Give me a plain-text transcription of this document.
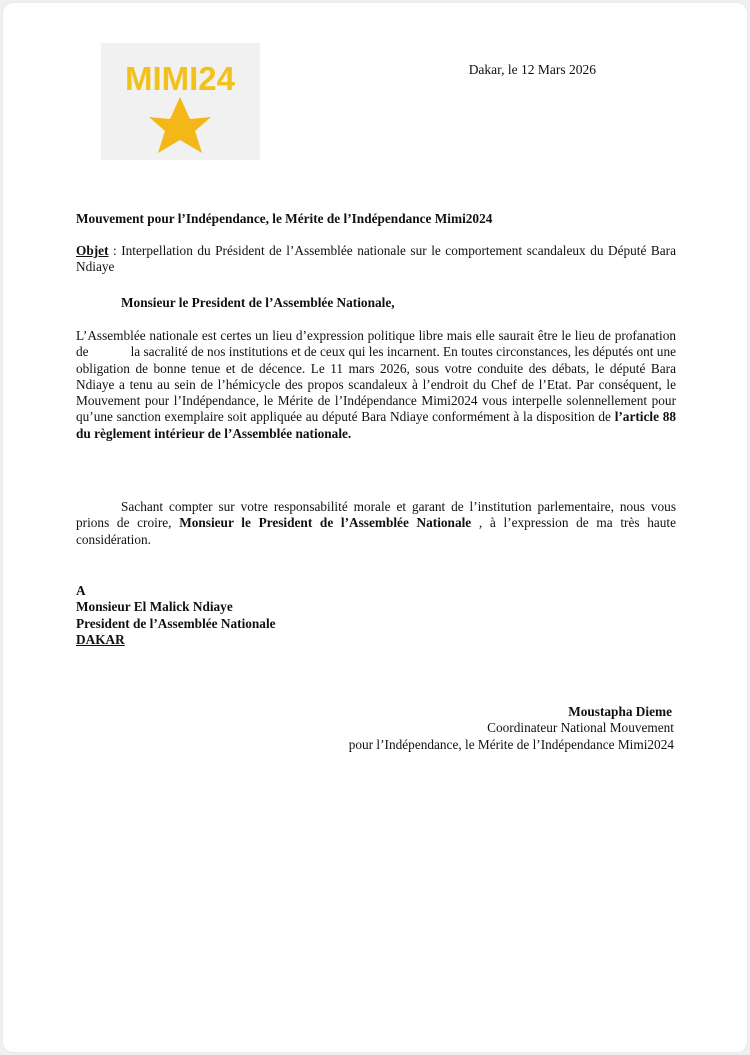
MIMI24	Dakar, le 12 Mars 2026
Mouvement pour l’Indépendance, le Mérite de l’Indépendance Mimi2024
Objet : Interpellation du Président de l’Assemblée nationale sur le comportement scandaleux du Député Bara Ndiaye
Monsieur le President de l’Assemblée Nationale,
L’Assemblée nationale est certes un lieu d’expression politique libre mais elle saurait être le lieu de profanation de	la sacralité de nos institutions et de ceux qui les incarnent. En toutes circonstances, les députés ont une obligation de bonne tenue et de décence. Le 11 mars 2026, sous votre conduite des débats, le député Bara Ndiaye a tenu au sein de l’hémicycle des propos scandaleux à l’endroit du Chef de l’Etat. Par conséquent, le Mouvement pour l’Indépendance, le Mérite de l’Indépendance Mimi2024 vous interpelle solennellement pour qu’une sanction exemplaire soit appliquée au député Bara Ndiaye conformément à la disposition de l’article 88 du règlement intérieur de l’Assemblée nationale.
Sachant compter sur votre responsabilité morale et garant de l’institution parlementaire, nous vous prions de croire, Monsieur le President de l’Assemblée Nationale , à l’expression de ma très haute considération.
A
Monsieur El Malick Ndiaye
President de l’Assemblée Nationale
DAKAR
Moustapha Dieme
Coordinateur National Mouvement
pour l’Indépendance, le Mérite de l’Indépendance Mimi2024
